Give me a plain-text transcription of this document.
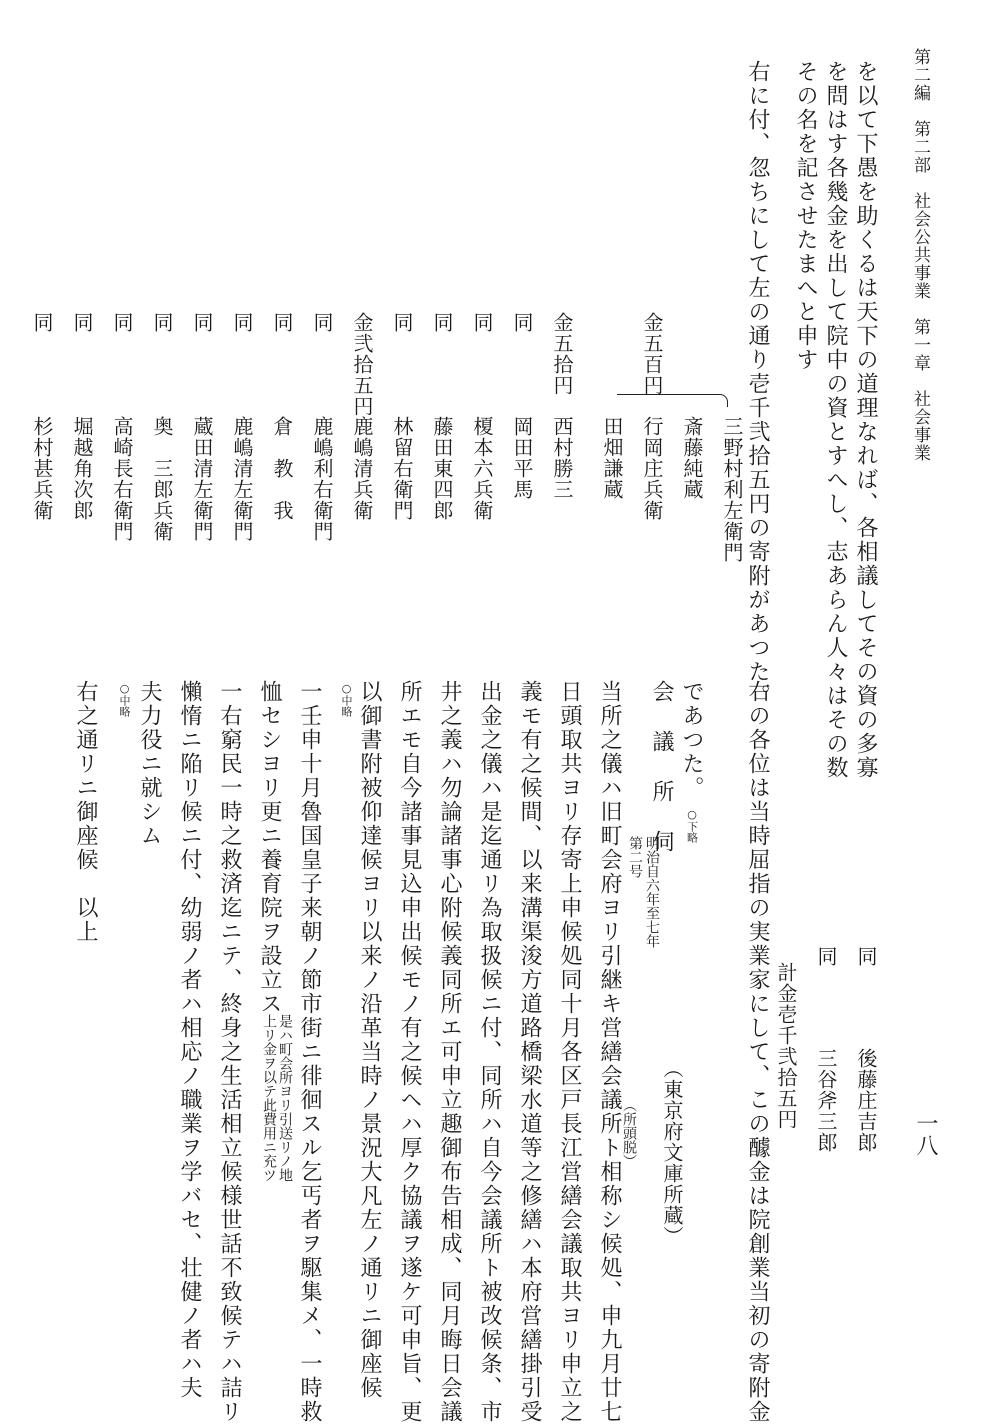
第二編　第二部　社会公共事業　第一章　社会事業
一八
を以て下愚を助くるは天下の道理なれば、各相議してその資の多寡
を問はす各幾金を出して院中の資とすへし、志あらん人々はその数
その名を記させたまへと申す
右に付、忽ちにして左の通り壱千弐拾五円の寄附があつた。
三野村利左衛門
斎藤純蔵
行岡庄兵衛
田畑謙蔵
西村勝三
岡田平馬
榎本六兵衛
藤田東四郎
林留右衛門
鹿嶋清兵衛
鹿嶋利右衛門
倉　教　我
鹿嶋清左衛門
蔵田清左衛門
奥　三郎兵衛
高崎長右衛門
堀越角次郎
杉村甚兵衛
金五百円
金五拾円
同
同
同
同
金弐拾五円
同
同
同
同
同
同
同
同
同
後藤庄吉郎
同
三谷斧三郎
計金壱千弐拾五円
右の各位は当時屈指の実業家にして、この醵金は院創業当初の寄附金
であつた。
○下略
会　議　所　伺
第二号 明治自六年至七年
（東京府文庫所蔵）
当所之儀ハ旧町会府ヨリ引継キ営繕会議所ト相称シ候処、申九月廿七 （所頭脱）
日頭取共ヨリ存寄上申候処同十月各区戸長江営繕会議取共ヨリ申立之
義モ有之候間、以来溝渠浚方道路橋梁水道等之修繕ハ本府営繕掛引受
出金之儀ハ是迄通リ為取扱候ニ付、同所ハ自今会議所ト被改候条、市
井之義ハ勿論諸事心附候義同所エ可申立趣御布告相成、同月晦日会議
所エモ自今諸事見込申出候モノ有之候ヘハ厚ク協議ヲ遂ケ可申旨、更
以御書附被仰達候ヨリ以来ノ沿革当時ノ景況大凡左ノ通リニ御座候
○中略
一壬申十月魯国皇子来朝ノ節市街ニ徘徊スル乞丐者ヲ駆集メ、一時救
恤セシヨリ更ニ養育院ヲ設立ス
是ハ町会所ヨリ引送リノ地
上リ金ヲ以テ此費用ニ充ツ
一右窮民一時之救済迄ニテ、終身之生活相立候様世話不致候テハ詰リ
懶惰ニ陥リ候ニ付、幼弱ノ者ハ相応ノ職業ヲ学バセ、壮健ノ者ハ夫
夫力役ニ就シム
○中略
右之通リニ御座候　以上
